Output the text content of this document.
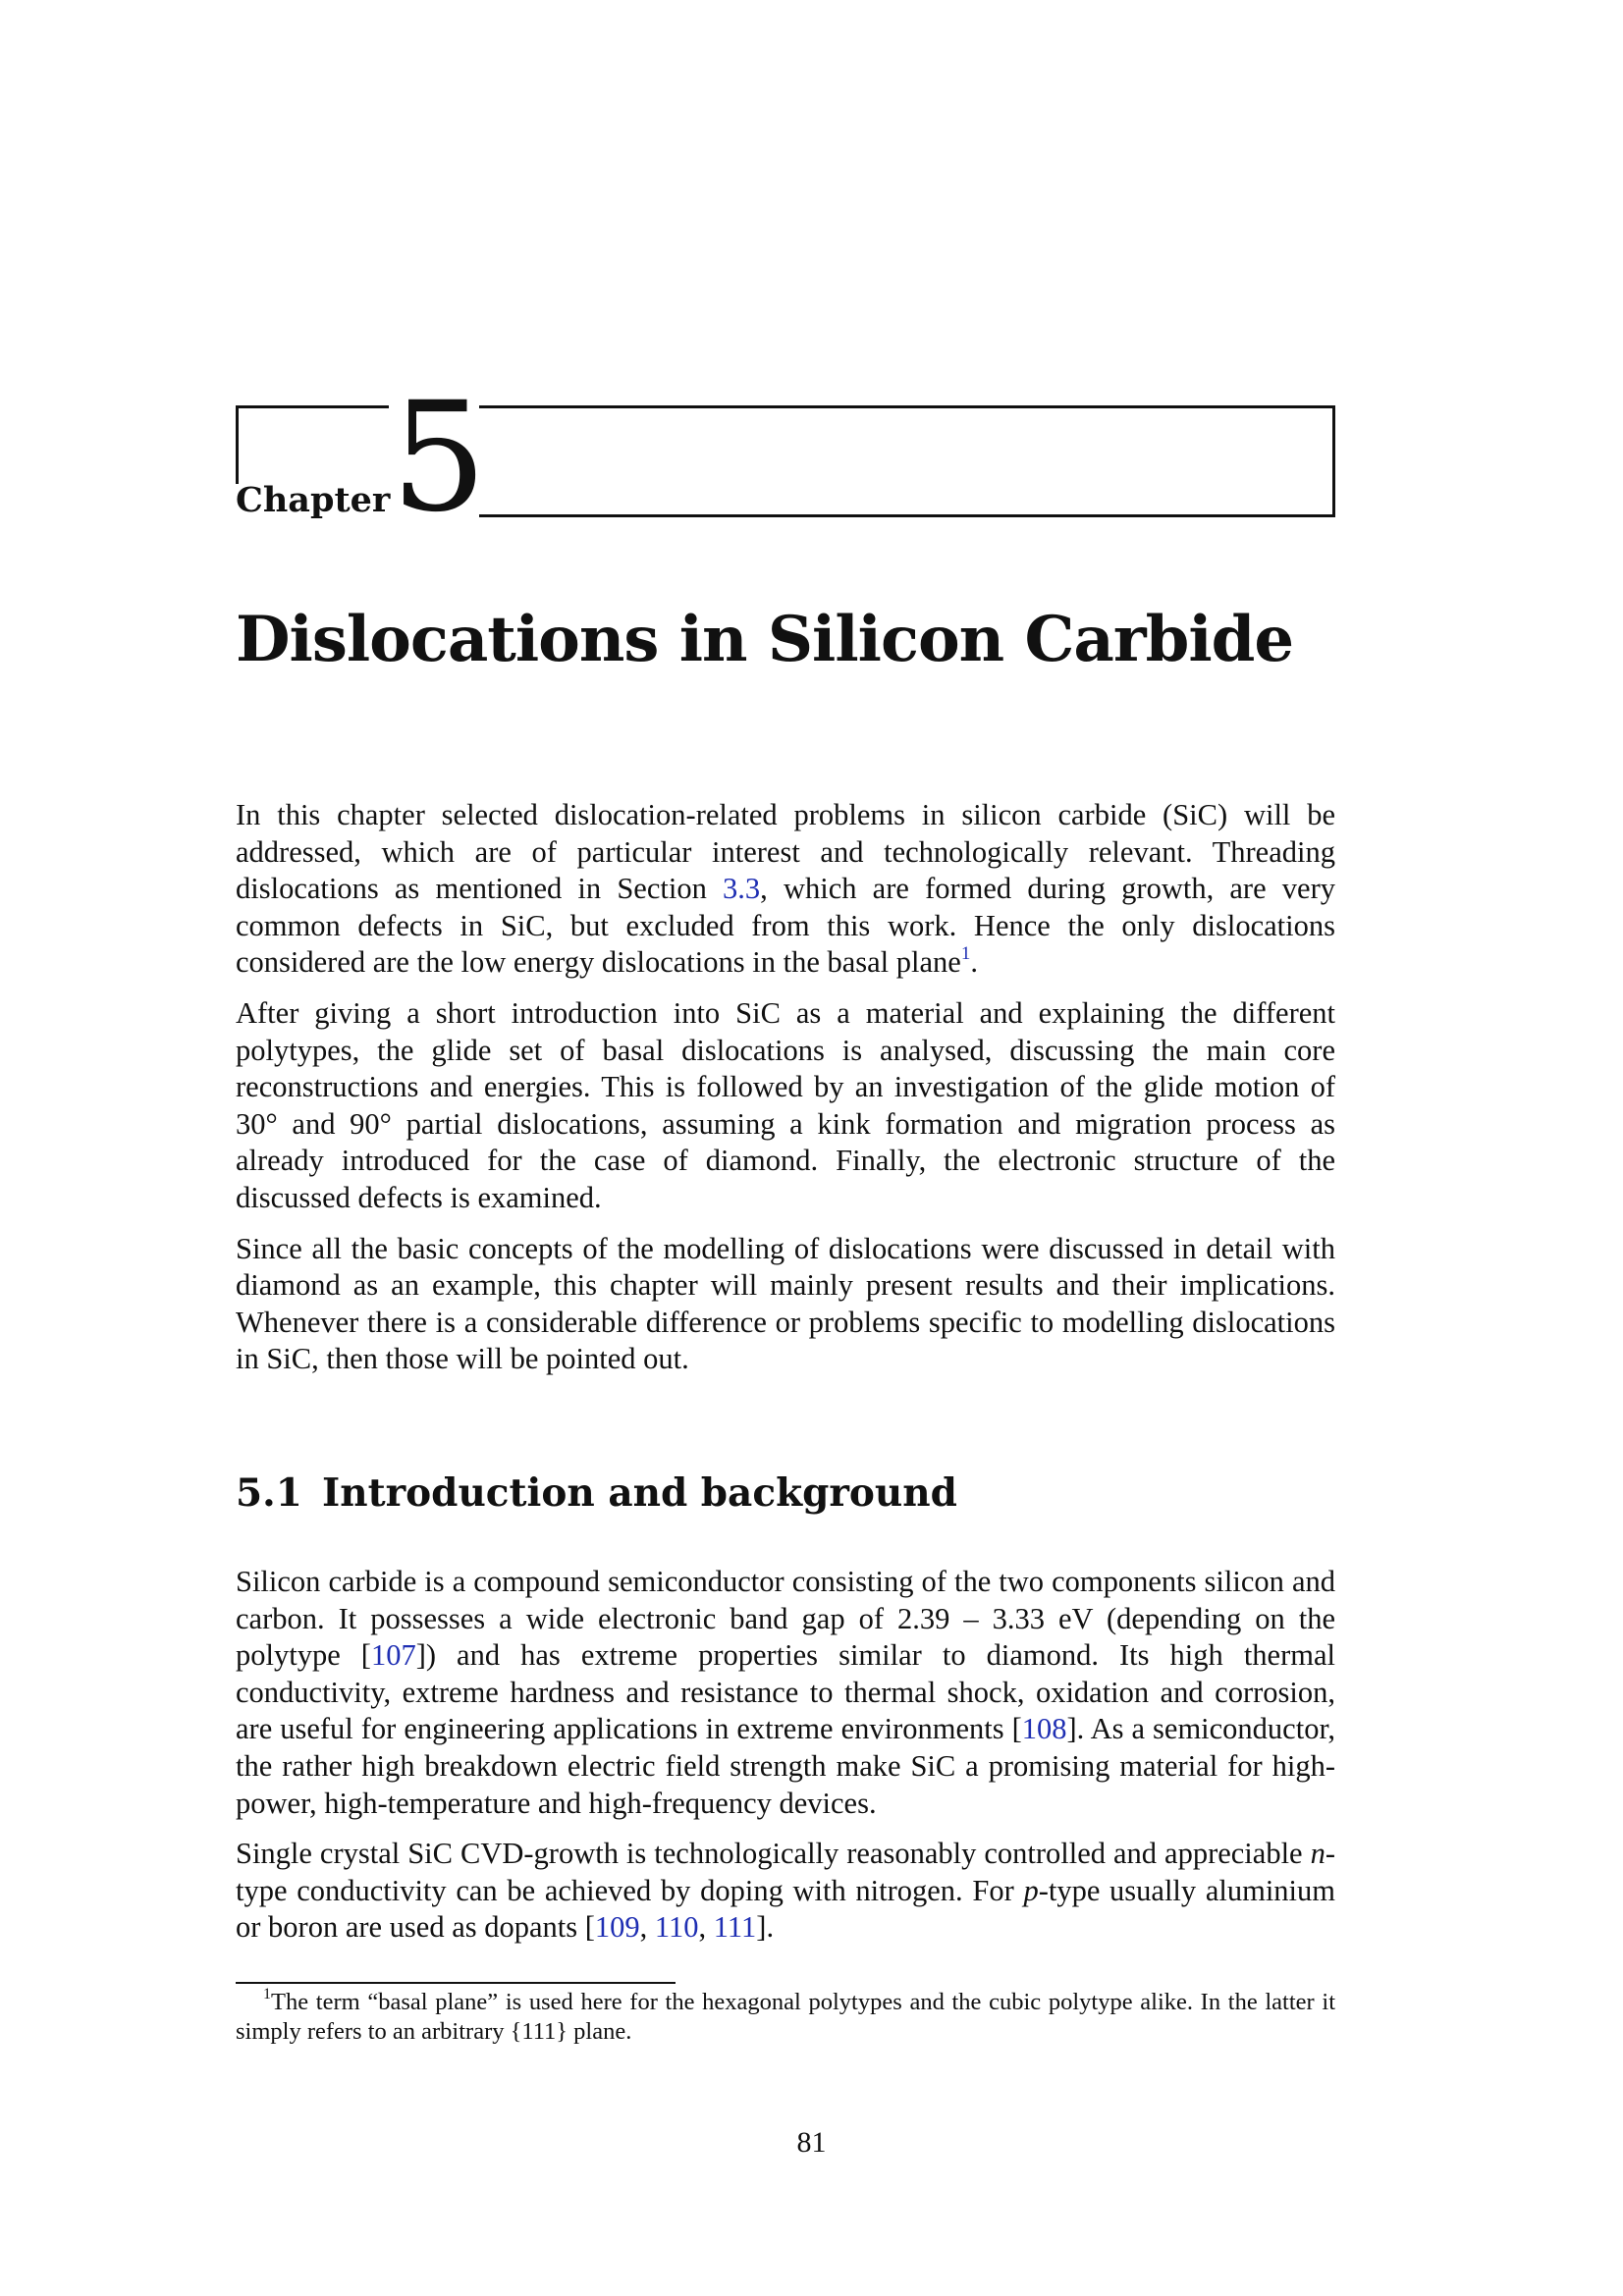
Chapter 5
Dislocations in Silicon Carbide

In this chapter selected dislocation-related problems in silicon carbide (SiC) will be addressed, which are of particular interest and technologically relevant. Threading dislocations as mentioned in Section 3.3, which are formed during growth, are very common defects in SiC, but excluded from this work. Hence the only dislocations considered are the low energy dislocations in the basal plane$^1$.

After giving a short introduction into SiC as a material and explaining the different polytypes, the glide set of basal dislocations is analysed, discussing the main core reconstructions and energies. This is followed by an investigation of the glide motion of 30° and 90° partial dislocations, assuming a kink formation and migration process as already introduced for the case of diamond. Finally, the electronic structure of the discussed defects is examined.

Since all the basic concepts of the modelling of dislocations were discussed in detail with diamond as an example, this chapter will mainly present results and their implications. Whenever there is a considerable difference or problems specific to modelling dislocations in SiC, then those will be pointed out.

5.1 Introduction and background

Silicon carbide is a compound semiconductor consisting of the two components silicon and carbon. It possesses a wide electronic band gap of 2.39 – 3.33 eV (depending on the polytype [107]) and has extreme properties similar to diamond. Its high thermal conductivity, extreme hardness and resistance to thermal shock, oxidation and corrosion, are useful for engineering applications in extreme environments [108]. As a semiconductor, the rather high breakdown electric field strength make SiC a promising material for high-power, high-temperature and high-frequency devices.

Single crystal SiC CVD-growth is technologically reasonably controlled and appreciable n-type conductivity can be achieved by doping with nitrogen. For p-type usually aluminium or boron are used as dopants [109, 110, 111].

$^1$The term “basal plane” is used here for the hexagonal polytypes and the cubic polytype alike. In the latter it simply refers to an arbitrary {111} plane.

81
